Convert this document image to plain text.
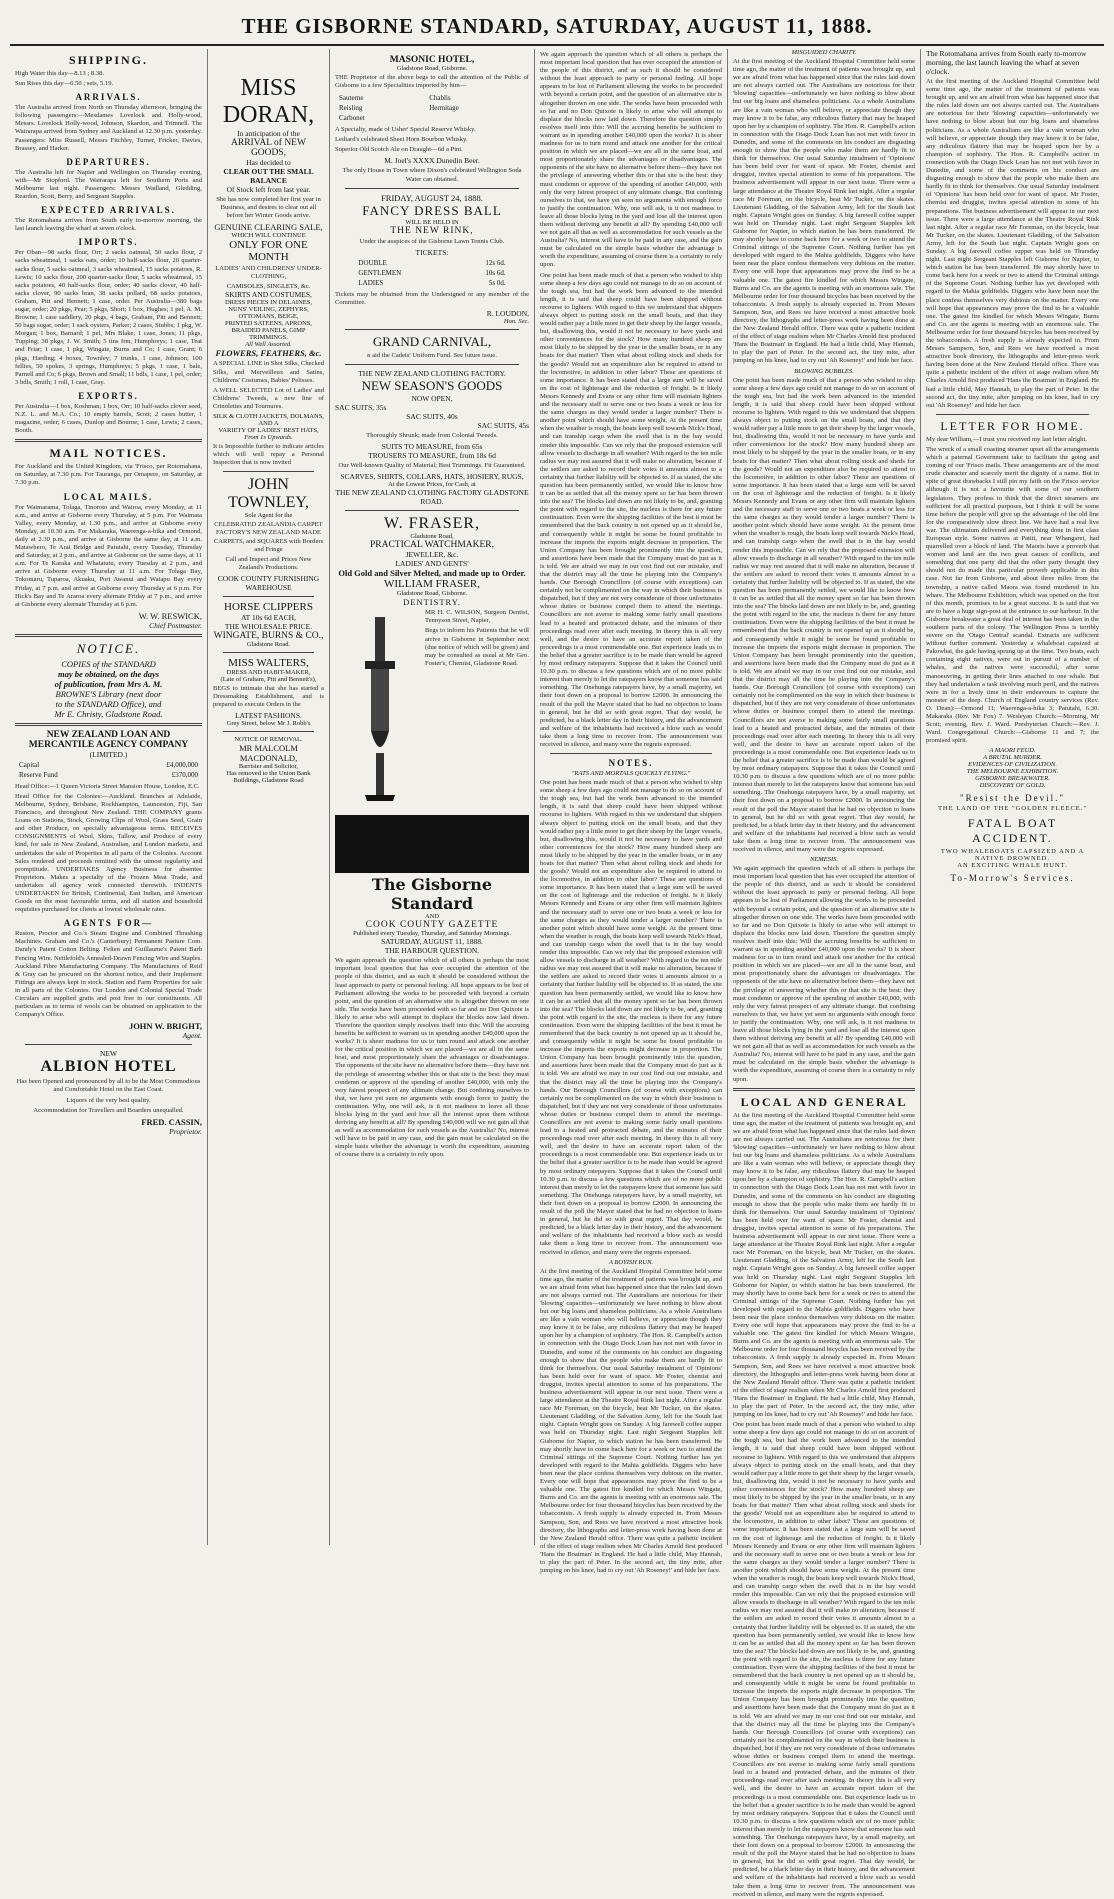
THE GISBORNE STANDARD, SATURDAY, AUGUST 11, 1888.
SHIPPING.
High Water this day—8.13 ; 8.38.
Sun Rises this day—6.50 ; sets, 5.19.
ARRIVALS.
The Australia arrived from North on Thursday afternoon, bringing the following passengers:—Mesdames Lovelock and Holly-wood, Messrs. Lovelock Holly-wood, Johnson, Skardon, and Trimnell. The Wairarapa arrived from Sydney and Auckland at 12.30 p.m. yesterday. Passengers: Miss Russell, Messrs Fitchley, Turner, Fricker, Davies, Brassey, and Harker.
DEPARTURES.
The Australia left for Napier and Wellington on Thursday evening, with—Mr Stopford. The Wairarapa left for Southern Ports and Melbourne last night. Passengers: Messrs Wadland, Gledding, Reardon, Scott, Berry, and Sergeant Stapples.
EXPECTED ARRIVALS.
The Rotomahana arrives from South early to-morrow morning, the last launch leaving the wharf at seven o'clock.
IMPORTS.
Per Oban—98 sacks flour, Orr; 2 sacks oatmeal, 50 sacks flour, 2 sacks wheatmeal, 1 sacks oats, order; 10 half-sacks flour, 20 quarter-sacks flour, 5 sacks oatmeal, 3 sacks wheatmeal, 15 sacks potatoes, R. Lewis; 10 sacks flour, 200 quarter-sacks flour, 5 sacks wheatmeal, 15 sacks potatoes, 40 half-sacks flour, order; 40 sacks clover, 40 half-sacks clover, 90 sacks bran, 38 sacks pollard, 68 sacks potatoes, Graham, Pitt and Bennett; 1 case, order. Per Australia—380 bags sugar, order; 20 pkgs, Pear; 5 pkgs, Short; 1 box, Hughes; 1 pel, A. M. Browne; 1 case saddlery, 20 pkgs, 4 bags, Graham, Pitt and Bennett; 50 bags sugar, order; 1 sack oysters, Parker; 2 cases, Stubbs; 1 pkg, W. Morgan; 1 box, Barnard; 1 pel, Mrs Blake; 1 case, Jones; 11 pkgs, Tupping; 38 pkgs, J. W. Smith; 5 tins frm, Humphreys; 1 case, Teat and Friar; 1 case, 1 pkg, Wingate, Burns and Co; 1 case, Grant; 6 pkgs, Harding; 4 boxes, Townley; 7 trunks, 1 case, Johnson; 100 fellies, 50 spokes, 3 springs, Humphreys; 5 pkgs, 1 case, 1 bale, Parnell and Co; 6 pkgs, Brown and Small; 11 bdls, 1 case, 1 pel, order; 3 bdls, Smith; 1 roll, 1 case, Gray.
EXPORTS.
Per Australia—1 box, Koshman; 1 box, Orr; 10 half-sacks clover seed, N.Z. L. and M.A. Co.; 10 empty barrels, Scott; 2 cases butter, 1 magazine, order; 6 cases, Dunlop and Bourne; 1 case, Lewis; 2 cases, Booth.
MAIL NOTICES.
For Auckland and the United Kingdom, via 'Frisco, per Rotomahana, on Saturday, at 7.30 p.m. For Tauranga, per Omapere, on Saturday, at 7.30 p.m.
LOCAL MAILS.
For Waimarama, Tolaga, Tinoroto and Wairoa, every Monday, at 11 a.m., and arrive at Gisborne every Thursday, at 5 p.m. For Waimata Valley, every Monday, at 1.30 p.m., and arrive at Gisborne every Monday, at 10.30 a.m. For Makaraka, Waerenga-a-hika and Ormond, daily at 2.30 p.m., and arrive at Gisborne the same day, at 11 a.m. Matawhero, Te Arai Bridge and Patutahi, every Tuesday, Thursday and Saturday, at 2 p.m., and arrive at Gisborne on the same days, at 11 a.m. For Te Karaka and Whatatutu, every Tuesday at 2 p.m., and arrive at Gisborne every Thursday at 11 a.m. For Tolaga Bay, Tokomaru, Tuparoa, Akuaku, Port Awanui and Waiapu Bay every Friday, at 7 p.m. and arrive at Gisborne every Thursday at 6 p.m. For Hick's Bay and Te Araroa every alternate Friday at 7 p.m., and arrive at Gisborne every alternate Thursday at 6 p.m.
W. W. RESWICK,
Chief Postmaster.
NOTICE.
COPIES of the STANDARD
may be obtained, on the days
of publication, from Mrs A. M.
BROWNE'S Library (next door
to the STANDARD Office), and
Mr E. Christy, Gladstone Road.
NEW ZEALAND LOAN AND MERCANTILE AGENCY COMPANY
(LIMITED.)
Capital	£4,000,000
Reserve Fund	£370,000
Head Office:—1 Queen Victoria Street Mansion House, London, E.C.
Head Office for the Colonies:—Auckland. Branches at Adelaide, Melbourne, Sydney, Brisbane, Rockhampton, Launceston, Fiji, San Francisco, and throughout New Zealand. THE COMPANY grants Loans on Stations, Stock, Growing Clips of Wool, Grass Seed, Grain and other Produce, on specially advantageous terms. RECEIVES CONSIGNMENTS of Wool, Skins, Tallow, and Produce of every kind, for sale in New Zealand, Australian, and London markets, and undertakes the sale of Properties in all parts of the Colonies. Account Sales rendered and proceeds remitted with the utmost regularity and promptitude. UNDERTAKES Agency Business for absentee Proprietors. Makes a specialty of the Frozen Meat Trade, and undertakes all agency work connected therewith. INDENTS UNDERTAKEN for British, Continental, East Indian, and American Goods on the most favourable terms, and all station and household requisites purchased for clients at lowest wholesale rates.
AGENTS FOR—
Ruston, Proctor and Co.'s Steam Engine and Combined Thrashing Machines. Graham and Co.'s (Canterbury) Permanent Pasture Com. Dandy's Patent Cotton Belting. Felten and Guillaume's Patent Barb Fencing Wire. Nettlefold's Annealed-Drawn Fencing Wire and Staples. Auckland Fibre Manufacturing Company. The Manufactures of Reid & Gray can be procured on the shortest notice, and their Implement Fittings are always kept in stock. Station and Farm Properties for sale in all parts of the Colonies. Our London and Colonial Special Trade Circulars are supplied gratis and post free to our constituents. All particulars as to terms of wools can be obtained on application to the Company's Office.
JOHN W. BRIGHT,
Agent.
NEW
ALBION HOTEL
Has been Opened and pronounced by all to be the Most Commodious and Comfortable Hotel on the East Coast.
Liquors of the very best quality.
Accommodation for Travellers and Boarders unequalled.
FRED. CASSIN,
Proprietor.
MISS DORAN,
In anticipation of the
ARRIVAL of NEW GOODS,
Has decided to
CLEAR OUT THE SMALL BALANCE
Of Stock left from last year.
She has now completed her first year in Business, and desires to clear out all before her Winter Goods arrive.
GENUINE CLEARING SALE,
WHICH WILL CONTINUE
ONLY FOR ONE MONTH
LADIES' AND CHILDRENS' UNDER-CLOTHING,
CAMISOLES, SINGLETS, &c.
SKIRTS AND COSTUMES,
DRESS PIECES IN DELAINES,
NUNS' VEILING, ZEPHYRS,
OTTOMANS, BEIGE,
PRINTED SATEENS, APRONS,
BRAIDED PANELS, GIMP TRIMMINGS.
All Well Assorted.
FLOWERS, FEATHERS, &c.
A SPECIAL LINE in Shot Silks, Checked Silks, and Merveilleux and Satins, Childrens' Costumes, Babies' Pelisses.
A WELL SELECTED Lot of Ladies' and Childrens' Tweeds, a new line of Crinolettes and Tournures.
SILK & CLOTH JACKETS, DOLMANS,
AND A
VARIETY OF LADIES' BEST HATS,
From 1s Upwards.
It is Impossible further to indicate articles which will well repay a Personal Inspection that is now invited
JOHN TOWNLEY,
Sole Agent for the
CELEBRATED ZEALANDIA CARPET FACTORY'S NEW ZEALAND MADE CARPETS, and SQUARES with Borders and Fringe
Call and Inspect and Prices New Zealand's Productions.
COOK COUNTY FURNISHING WAREHOUSE
HORSE CLIPPERS
AT 10s 6d EACH,
THE WHOLESALE PRICE.
WINGATE, BURNS & CO.,
Gladstone Road.
MISS WALTERS,
DRESS AND HABIT-MAKER,
(Late of Graham, Pitt and Bennett's),
BEGS to intimate that she has started a Dressmaking Establishment, and is prepared to execute Orders in the
LATEST FASHIONS.
Grey Street, below Mr J. Robb's
NOTICE OF REMOVAL.
MR MALCOLM MACDONALD,
Barrister and Solicitor,
Has removed to the Union Bank Buildings, Gladstone Road
MASONIC HOTEL,
Gladstone Road, Gisborne.
THE Proprietor of the above begs to call the attention of the Public of Gisborne to a few Specialities imported by him—
Sauterne	Chablis
Reisling	Hermitage
Carbonet	
A Specialty, made of Usher' Special Reserve Whisky.
Lediard's celebrated Sheet Horn Bourbon Whisky.
Superior Old Scotch Ale on Draught—6d a Pint.
M. Joel's XXXX Dunedin Beer.
The only House in Town where Dixon's celebrated Wellington Soda Water can obtained.
FRIDAY, AUGUST 24, 1888.
FANCY DRESS BALL
WILL BE HELD IN
THE NEW RINK,
Under the auspices of the Gisborne Lawn Tennis Club.
TICKETS:
DOUBLE	12s 6d.
GENTLEMEN	10s 6d.
LADIES	5s 0d.
Tickets may be obtained from the Undersigned or any member of the Committee.
R. LOUDON,
Hon. Sec.
GRAND CARNIVAL,
n aid the Cadets' Uniform Fund. See future issue.
THE NEW ZEALAND CLOTHING FACTORY.
NEW SEASON'S GOODS
NOW OPEN,
SAC SUITS, 35s
SAC SUITS, 40s
SAC SUITS, 45s
Thoroughly Shrunk; made from Colonial Tweeds.
SUITS TO MEASURE, from 65s
TROUSERS TO MEASURE, from 18s 6d
Our Well-known Quality of Material; Best Trimmings. Fit Guaranteed.
SCARVES, SHIRTS, COLLARS, HATS, HOSIERY, RUGS,
At the Lowest Prices, for Cash, at
THE NEW ZEALAND CLOTHING FACTORY GLADSTONE ROAD.
W. FRASER,
Gladstone Road,
PRACTICAL WATCHMAKER,
JEWELLER, &c.
LADIES' AND GENTS'
Old Gold and Silver Melted, and made up to Order.
WILLIAM FRASER,
Gladstone Road, Gisborne.
DENTISTRY.
MR H. C. WILSON, Surgeon Dentist, Tennyson Street, Napier,
Begs to inform his Patients that he will arrive in Gisborne in September next (due notice of which will be given) and may be consulted as usual at Mr Geo. Foster's, Chemist, Gladstone Road.
The Gisborne Standard
AND
COOK COUNTY GAZETTE
Published every Tuesday, Thursday, and Saturday Mornings.
SATURDAY, AUGUST 11, 1888.
THE HARBOUR QUESTION.
We again approach the question which of all others is perhaps the most important local question that has ever occupied the attention of the people of this district, and as such it should be considered without the least approach to party or personal feeling. All hope appears to be lost of Parliament allowing the works to be proceeded with beyond a certain point, and the question of an alternative site is altogether thrown on one side. The works have been proceeded with so far and no Don Quixote is likely to arise who will attempt to displace the blocks now laid down. Therefore the question simply resolves itself into this: Will the accruing benefits be sufficient to warrant us in spending another £40,000 upon the works? It is sheer madness for us to turn round and attack one another for the critical position in which we are placed—we are all in the same boat, and most proportionately share the advantages or disadvantages. The opponents of the site have no alternative before them—they have not the privilege of answering whether this or that site is the best: they must condemn or approve of the spending of another £40,000, with only the very fairest prospect of any ultimate change. But confining ourselves to that, we have yet seen no arguments with enough force to justify the continuation. Why, one will ask, is it not madness to leave all those blocks lying in the yard and lose all the interest upon them without deriving any benefit at all? By spending £40,000 will we not gain all that as well as accommodation for such vessels as the Australia? No, interest will have to be paid in any case, and the gain must be calculated on the simple basis whether the advantage is worth the expenditure, assuming of course there is a certainty to rely upon.
We again approach the question which of all others is perhaps the most important local question that has ever occupied the attention of the people of this district, and as such it should be considered without the least approach to party or personal feeling. All hope appears to be lost of Parliament allowing the works to be proceeded with beyond a certain point, and the question of an alternative site is altogether thrown on one side. The works have been proceeded with so far and no Don Quixote is likely to arise who will attempt to displace the blocks now laid down. Therefore the question simply resolves itself into this: Will the accruing benefits be sufficient to warrant us in spending another £40,000 upon the works? It is sheer madness for us to turn round and attack one another for the critical position in which we are placed—we are all in the same boat, and most proportionately share the advantages or disadvantages. The opponents of the site have no alternative before them—they have not the privilege of answering whether this or that site is the best: they must condemn or approve of the spending of another £40,000, with only the very fairest prospect of any ultimate change. But confining ourselves to that, we have yet seen no arguments with enough force to justify the continuation. Why, one will ask, is it not madness to leave all those blocks lying in the yard and lose all the interest upon them without deriving any benefit at all? By spending £40,000 will we not gain all that as well as accommodation for such vessels as the Australia? No, interest will have to be paid in any case, and the gain must be calculated on the simple basis whether the advantage is worth the expenditure, assuming of course there is a certainty to rely upon.
One point has been made much of that a person who wished to ship some sheep a few days ago could not manage to do so on account of the tough sea, but had the work been advanced to the intended length, it is said that sheep could have been shipped without recourse to lighters. With regard to this we understand that shippers always object to putting stock on the small boats, and that they would rather pay a little more to get their sheep by the larger vessels, but, disallowing this, would it not be necessary to have yards and other conveniences for the stock? How many hundred sheep are most likely to be shipped by the year in the smaller boats, or in any boats for that matter? Then what about rolling stock and sheds for the goods? Would not an expenditure also be required to attend to the locomotive, in addition to other labor? These are questions of some importance. It has been stated that a large sum will be saved on the cost of lighterage and the reduction of freight. Is it likely Messrs Kennedy and Evans or any other firm will maintain lighters and the necessary staff to serve one or two boats a week or less for the same charges as they would tender a larger number? There is another point which should have some weight. At the present time when the weather is rough, the boats keep well towards Nick's Head, and can tranship cargo when the swell that is in the bay would render this impossible. Can we rely that the proposed extension will allow vessels to discharge in all weather? With regard to the ten mile radius we may rest assured that it will make no alteration, because if the settlers are asked to record their votes it amounts almost to a certainty that further liability will be objected to. If as stated, the site question has been permanently settled, we would like to know how it can be as settled that all the money spent so far has been thrown into the sea? The blocks laid down are not likely to be, and, granting the point with regard to the site, the nucleus is there for any future continuation. Even were the shipping facilities of the best it must be remembered that the back country is not opened up as it should be, and consequently while it might be some be found profitable to increase the imports the exports might decrease in proportion. The Union Company has been brought prominently into the question, and assertions have been made that the Company must do just as it is told. We are afraid we may in our cost find out our mistake, and that the district may all the time be playing into the Company's hands. Our Borough Councillors (of course with exceptions) can certainly not be complimented on the way in which their business is dispatched, but if they are not very considerate of those unfortunates whose duties or business compel them to attend the meetings. Councillors are not averse to making some fairly small questions lead to a heated and protracted debate, and the minutes of their proceedings read over after each meeting. In theory this is all very well, and the desire to have an accurate report taken of the proceedings is a most commendable one. But experience leads us to the belief that a greater sacrifice is to be made than would be agreed by most ordinary ratepayers. Suppose that it takes the Council until 10.30 p.m. to discuss a few questions which are of no more public interest than merely to let the ratepayers know that someone has said something. The Onehunga ratepayers have, by a small majority, set their foot down on a proposal to borrow £2000. In announcing the result of the poll the Mayor stated that he had no objection to loans in general, but he did so with great regret. That day would, he predicted, be a black letter day in their history, and the advancement and welfare of the inhabitants had received a blow such as would take them a long time to recover from. The announcement was received in silence, and many were the regrets expressed.
NOTES.
"RATS AND MORTALS QUICKLY FLYING."
One point has been made much of that a person who wished to ship some sheep a few days ago could not manage to do so on account of the tough sea, but had the work been advanced to the intended length, it is said that sheep could have been shipped without recourse to lighters. With regard to this we understand that shippers always object to putting stock on the small boats, and that they would rather pay a little more to get their sheep by the larger vessels, but, disallowing this, would it not be necessary to have yards and other conveniences for the stock? How many hundred sheep are most likely to be shipped by the year in the smaller boats, or in any boats for that matter? Then what about rolling stock and sheds for the goods? Would not an expenditure also be required to attend to the locomotive, in addition to other labor? These are questions of some importance. It has been stated that a large sum will be saved on the cost of lighterage and the reduction of freight. Is it likely Messrs Kennedy and Evans or any other firm will maintain lighters and the necessary staff to serve one or two boats a week or less for the same charges as they would tender a larger number? There is another point which should have some weight. At the present time when the weather is rough, the boats keep well towards Nick's Head, and can tranship cargo when the swell that is in the bay would render this impossible. Can we rely that the proposed extension will allow vessels to discharge in all weather? With regard to the ten mile radius we may rest assured that it will make no alteration, because if the settlers are asked to record their votes it amounts almost to a certainty that further liability will be objected to. If as stated, the site question has been permanently settled, we would like to know how it can be as settled that all the money spent so far has been thrown into the sea? The blocks laid down are not likely to be, and, granting the point with regard to the site, the nucleus is there for any future continuation. Even were the shipping facilities of the best it must be remembered that the back country is not opened up as it should be, and consequently while it might be some be found profitable to increase the imports the exports might decrease in proportion. The Union Company has been brought prominently into the question, and assertions have been made that the Company must do just as it is told. We are afraid we may in our cost find out our mistake, and that the district may all the time be playing into the Company's hands. Our Borough Councillors (of course with exceptions) can certainly not be complimented on the way in which their business is dispatched, but if they are not very considerate of those unfortunates whose duties or business compel them to attend the meetings. Councillors are not averse to making some fairly small questions lead to a heated and protracted debate, and the minutes of their proceedings read over after each meeting. In theory this is all very well, and the desire to have an accurate report taken of the proceedings is a most commendable one. But experience leads us to the belief that a greater sacrifice is to be made than would be agreed by most ordinary ratepayers. Suppose that it takes the Council until 10.30 p.m. to discuss a few questions which are of no more public interest than merely to let the ratepayers know that someone has said something. The Onehunga ratepayers have, by a small majority, set their foot down on a proposal to borrow £2000. In announcing the result of the poll the Mayor stated that he had no objection to loans in general, but he did so with great regret. That day would, he predicted, be a black letter day in their history, and the advancement and welfare of the inhabitants had received a blow such as would take them a long time to recover from. The announcement was received in silence, and many were the regrets expressed.
A BOYISH RUN.
At the first meeting of the Auckland Hospital Committee held some time ago, the matter of the treatment of patients was brought up, and we are afraid from what has happened since that the rules laid down are not always carried out. The Australians are notorious for their 'blowing' capacities—unfortunately we have nothing to blow about but our big loans and shameless politicians. As a whole Australians are like a vain woman who will believe, or appreciate though they may know it to be false, any ridiculous flattery that may be heaped upon her by a champion of sophistry. The Hon. R. Campbell's action in connection with the Otago Dock Loan has not met with favor in Dunedin, and some of the comments on his conduct are disgusting enough to show that the people who make them are hardly fit to think for themselves. Our usual Saturday instalment of 'Opinions' has been held over for want of space. Mr Foster, chemist and druggist, invites special attention to some of his preparations. The business advertisement will appear in our next issue. There were a large attendance at the Theatre Royal Rink last night. After a regular race Mr Foreman, on the bicycle, beat Mr Tucker, on the skates. Lieutenant Gladding, of the Salvation Army, left for the South last night. Captain Wright goes on Sunday. A big farewell coffee supper was held on Thursday night. Last night Sergeant Stapples left Gisborne for Napier, to which station he has been transferred. He may shortly have to come back here for a week or two to attend the Criminal sittings of the Supreme Court. Nothing further has yet developed with regard to the Mahia goldfields. Diggers who have been near the place confess themselves very dubious on the matter. Every one will hope that appearances may prove the find to be a valuable one. The gatest fire kindled for which Messrs Wingate, Burns and Co. are the agents is meeting with an enormous sale. The Melbourne order for four thousand bicycles has been received by the tobacconists. A fresh supply is already expected in. From Messrs Sampson, Son, and Rees we have received a most attractive book directory, the lithographs and letter-press work having been done at the New Zealand Herald office. There was quite a pathetic incident of the effect of stage realism when Mr Charles Arnold first produced 'Hans the Boatman' in England. He had a little child, May Hannah, to play the part of Peter. In the second act, the tiny mite, after jumping on his knee, had to cry out 'Ah Roseney!' and hide her face.
MISGUIDED CHARITY.
At the first meeting of the Auckland Hospital Committee held some time ago, the matter of the treatment of patients was brought up, and we are afraid from what has happened since that the rules laid down are not always carried out. The Australians are notorious for their 'blowing' capacities—unfortunately we have nothing to blow about but our big loans and shameless politicians. As a whole Australians are like a vain woman who will believe, or appreciate though they may know it to be false, any ridiculous flattery that may be heaped upon her by a champion of sophistry. The Hon. R. Campbell's action in connection with the Otago Dock Loan has not met with favor in Dunedin, and some of the comments on his conduct are disgusting enough to show that the people who make them are hardly fit to think for themselves. Our usual Saturday instalment of 'Opinions' has been held over for want of space. Mr Foster, chemist and druggist, invites special attention to some of his preparations. The business advertisement will appear in our next issue. There were a large attendance at the Theatre Royal Rink last night. After a regular race Mr Foreman, on the bicycle, beat Mr Tucker, on the skates. Lieutenant Gladding, of the Salvation Army, left for the South last night. Captain Wright goes on Sunday. A big farewell coffee supper was held on Thursday night. Last night Sergeant Stapples left Gisborne for Napier, to which station he has been transferred. He may shortly have to come back here for a week or two to attend the Criminal sittings of the Supreme Court. Nothing further has yet developed with regard to the Mahia goldfields. Diggers who have been near the place confess themselves very dubious on the matter. Every one will hope that appearances may prove the find to be a valuable one. The gatest fire kindled for which Messrs Wingate, Burns and Co. are the agents is meeting with an enormous sale. The Melbourne order for four thousand bicycles has been received by the tobacconists. A fresh supply is already expected in. From Messrs Sampson, Son, and Rees we have received a most attractive book directory, the lithographs and letter-press work having been done at the New Zealand Herald office. There was quite a pathetic incident of the effect of stage realism when Mr Charles Arnold first produced 'Hans the Boatman' in England. He had a little child, May Hannah, to play the part of Peter. In the second act, the tiny mite, after jumping on his knee, had to cry out 'Ah Roseney!' and hide her face.
BLOWING BUBBLES.
One point has been made much of that a person who wished to ship some sheep a few days ago could not manage to do so on account of the tough sea, but had the work been advanced to the intended length, it is said that sheep could have been shipped without recourse to lighters. With regard to this we understand that shippers always object to putting stock on the small boats, and that they would rather pay a little more to get their sheep by the larger vessels, but, disallowing this, would it not be necessary to have yards and other conveniences for the stock? How many hundred sheep are most likely to be shipped by the year in the smaller boats, or in any boats for that matter? Then what about rolling stock and sheds for the goods? Would not an expenditure also be required to attend to the locomotive, in addition to other labor? These are questions of some importance. It has been stated that a large sum will be saved on the cost of lighterage and the reduction of freight. Is it likely Messrs Kennedy and Evans or any other firm will maintain lighters and the necessary staff to serve one or two boats a week or less for the same charges as they would tender a larger number? There is another point which should have some weight. At the present time when the weather is rough, the boats keep well towards Nick's Head, and can tranship cargo when the swell that is in the bay would render this impossible. Can we rely that the proposed extension will allow vessels to discharge in all weather? With regard to the ten mile radius we may rest assured that it will make no alteration, because if the settlers are asked to record their votes it amounts almost to a certainty that further liability will be objected to. If as stated, the site question has been permanently settled, we would like to know how it can be as settled that all the money spent so far has been thrown into the sea? The blocks laid down are not likely to be, and, granting the point with regard to the site, the nucleus is there for any future continuation. Even were the shipping facilities of the best it must be remembered that the back country is not opened up as it should be, and consequently while it might be some be found profitable to increase the imports the exports might decrease in proportion. The Union Company has been brought prominently into the question, and assertions have been made that the Company must do just as it is told. We are afraid we may in our cost find out our mistake, and that the district may all the time be playing into the Company's hands. Our Borough Councillors (of course with exceptions) can certainly not be complimented on the way in which their business is dispatched, but if they are not very considerate of those unfortunates whose duties or business compel them to attend the meetings. Councillors are not averse to making some fairly small questions lead to a heated and protracted debate, and the minutes of their proceedings read over after each meeting. In theory this is all very well, and the desire to have an accurate report taken of the proceedings is a most commendable one. But experience leads us to the belief that a greater sacrifice is to be made than would be agreed by most ordinary ratepayers. Suppose that it takes the Council until 10.30 p.m. to discuss a few questions which are of no more public interest than merely to let the ratepayers know that someone has said something. The Onehunga ratepayers have, by a small majority, set their foot down on a proposal to borrow £2000. In announcing the result of the poll the Mayor stated that he had no objection to loans in general, but he did so with great regret. That day would, he predicted, be a black letter day in their history, and the advancement and welfare of the inhabitants had received a blow such as would take them a long time to recover from. The announcement was received in silence, and many were the regrets expressed.
NEMESIS.
We again approach the question which of all others is perhaps the most important local question that has ever occupied the attention of the people of this district, and as such it should be considered without the least approach to party or personal feeling. All hope appears to be lost of Parliament allowing the works to be proceeded with beyond a certain point, and the question of an alternative site is altogether thrown on one side. The works have been proceeded with so far and no Don Quixote is likely to arise who will attempt to displace the blocks now laid down. Therefore the question simply resolves itself into this: Will the accruing benefits be sufficient to warrant us in spending another £40,000 upon the works? It is sheer madness for us to turn round and attack one another for the critical position in which we are placed—we are all in the same boat, and most proportionately share the advantages or disadvantages. The opponents of the site have no alternative before them—they have not the privilege of answering whether this or that site is the best: they must condemn or approve of the spending of another £40,000, with only the very fairest prospect of any ultimate change. But confining ourselves to that, we have yet seen no arguments with enough force to justify the continuation. Why, one will ask, is it not madness to leave all those blocks lying in the yard and lose all the interest upon them without deriving any benefit at all? By spending £40,000 will we not gain all that as well as accommodation for such vessels as the Australia? No, interest will have to be paid in any case, and the gain must be calculated on the simple basis whether the advantage is worth the expenditure, assuming of course there is a certainty to rely upon.
LOCAL AND GENERAL
At the first meeting of the Auckland Hospital Committee held some time ago, the matter of the treatment of patients was brought up, and we are afraid from what has happened since that the rules laid down are not always carried out. The Australians are notorious for their 'blowing' capacities—unfortunately we have nothing to blow about but our big loans and shameless politicians. As a whole Australians are like a vain woman who will believe, or appreciate though they may know it to be false, any ridiculous flattery that may be heaped upon her by a champion of sophistry. The Hon. R. Campbell's action in connection with the Otago Dock Loan has not met with favor in Dunedin, and some of the comments on his conduct are disgusting enough to show that the people who make them are hardly fit to think for themselves. Our usual Saturday instalment of 'Opinions' has been held over for want of space. Mr Foster, chemist and druggist, invites special attention to some of his preparations. The business advertisement will appear in our next issue. There were a large attendance at the Theatre Royal Rink last night. After a regular race Mr Foreman, on the bicycle, beat Mr Tucker, on the skates. Lieutenant Gladding, of the Salvation Army, left for the South last night. Captain Wright goes on Sunday. A big farewell coffee supper was held on Thursday night. Last night Sergeant Stapples left Gisborne for Napier, to which station he has been transferred. He may shortly have to come back here for a week or two to attend the Criminal sittings of the Supreme Court. Nothing further has yet developed with regard to the Mahia goldfields. Diggers who have been near the place confess themselves very dubious on the matter. Every one will hope that appearances may prove the find to be a valuable one. The gatest fire kindled for which Messrs Wingate, Burns and Co. are the agents is meeting with an enormous sale. The Melbourne order for four thousand bicycles has been received by the tobacconists. A fresh supply is already expected in. From Messrs Sampson, Son, and Rees we have received a most attractive book directory, the lithographs and letter-press work having been done at the New Zealand Herald office. There was quite a pathetic incident of the effect of stage realism when Mr Charles Arnold first produced 'Hans the Boatman' in England. He had a little child, May Hannah, to play the part of Peter. In the second act, the tiny mite, after jumping on his knee, had to cry out 'Ah Roseney!' and hide her face.
One point has been made much of that a person who wished to ship some sheep a few days ago could not manage to do so on account of the tough sea, but had the work been advanced to the intended length, it is said that sheep could have been shipped without recourse to lighters. With regard to this we understand that shippers always object to putting stock on the small boats, and that they would rather pay a little more to get their sheep by the larger vessels, but, disallowing this, would it not be necessary to have yards and other conveniences for the stock? How many hundred sheep are most likely to be shipped by the year in the smaller boats, or in any boats for that matter? Then what about rolling stock and sheds for the goods? Would not an expenditure also be required to attend to the locomotive, in addition to other labor? These are questions of some importance. It has been stated that a large sum will be saved on the cost of lighterage and the reduction of freight. Is it likely Messrs Kennedy and Evans or any other firm will maintain lighters and the necessary staff to serve one or two boats a week or less for the same charges as they would tender a larger number? There is another point which should have some weight. At the present time when the weather is rough, the boats keep well towards Nick's Head, and can tranship cargo when the swell that is in the bay would render this impossible. Can we rely that the proposed extension will allow vessels to discharge in all weather? With regard to the ten mile radius we may rest assured that it will make no alteration, because if the settlers are asked to record their votes it amounts almost to a certainty that further liability will be objected to. If as stated, the site question has been permanently settled, we would like to know how it can be as settled that all the money spent so far has been thrown into the sea? The blocks laid down are not likely to be, and, granting the point with regard to the site, the nucleus is there for any future continuation. Even were the shipping facilities of the best it must be remembered that the back country is not opened up as it should be, and consequently while it might be some be found profitable to increase the imports the exports might decrease in proportion. The Union Company has been brought prominently into the question, and assertions have been made that the Company must do just as it is told. We are afraid we may in our cost find out our mistake, and that the district may all the time be playing into the Company's hands. Our Borough Councillors (of course with exceptions) can certainly not be complimented on the way in which their business is dispatched, but if they are not very considerate of those unfortunates whose duties or business compel them to attend the meetings. Councillors are not averse to making some fairly small questions lead to a heated and protracted debate, and the minutes of their proceedings read over after each meeting. In theory this is all very well, and the desire to have an accurate report taken of the proceedings is a most commendable one. But experience leads us to the belief that a greater sacrifice is to be made than would be agreed by most ordinary ratepayers. Suppose that it takes the Council until 10.30 p.m. to discuss a few questions which are of no more public interest than merely to let the ratepayers know that someone has said something. The Onehunga ratepayers have, by a small majority, set their foot down on a proposal to borrow £2000. In announcing the result of the poll the Mayor stated that he had no objection to loans in general, but he did so with great regret. That day would, he predicted, be a black letter day in their history, and the advancement and welfare of the inhabitants had received a blow such as would take them a long time to recover from. The announcement was received in silence, and many were the regrets expressed.
The Rotomahana arrives from South early to-morrow morning, the last launch leaving the wharf at seven o'clock.
At the first meeting of the Auckland Hospital Committee held some time ago, the matter of the treatment of patients was brought up, and we are afraid from what has happened since that the rules laid down are not always carried out. The Australians are notorious for their 'blowing' capacities—unfortunately we have nothing to blow about but our big loans and shameless politicians. As a whole Australians are like a vain woman who will believe, or appreciate though they may know it to be false, any ridiculous flattery that may be heaped upon her by a champion of sophistry. The Hon. R. Campbell's action in connection with the Otago Dock Loan has not met with favor in Dunedin, and some of the comments on his conduct are disgusting enough to show that the people who make them are hardly fit to think for themselves. Our usual Saturday instalment of 'Opinions' has been held over for want of space. Mr Foster, chemist and druggist, invites special attention to some of his preparations. The business advertisement will appear in our next issue. There were a large attendance at the Theatre Royal Rink last night. After a regular race Mr Foreman, on the bicycle, beat Mr Tucker, on the skates. Lieutenant Gladding, of the Salvation Army, left for the South last night. Captain Wright goes on Sunday. A big farewell coffee supper was held on Thursday night. Last night Sergeant Stapples left Gisborne for Napier, to which station he has been transferred. He may shortly have to come back here for a week or two to attend the Criminal sittings of the Supreme Court. Nothing further has yet developed with regard to the Mahia goldfields. Diggers who have been near the place confess themselves very dubious on the matter. Every one will hope that appearances may prove the find to be a valuable one. The gatest fire kindled for which Messrs Wingate, Burns and Co. are the agents is meeting with an enormous sale. The Melbourne order for four thousand bicycles has been received by the tobacconists. A fresh supply is already expected in. From Messrs Sampson, Son, and Rees we have received a most attractive book directory, the lithographs and letter-press work having been done at the New Zealand Herald office. There was quite a pathetic incident of the effect of stage realism when Mr Charles Arnold first produced 'Hans the Boatman' in England. He had a little child, May Hannah, to play the part of Peter. In the second act, the tiny mite, after jumping on his knee, had to cry out 'Ah Roseney!' and hide her face.
LETTER FOR HOME.
My dear William,—I trust you received my last letter alright.
The wreck of a small coasting steamer upset all the arrangements which a paternal Government take to facilitate the going and coming of our 'Frisco mails. These arrangements are of the most crude character and scarcely merit the dignity of a name. But in spite of great drawbacks I still pin my faith on the Frisco service although it is not a favourite with some of our southern legislators. They profess to think that the direct steamers are sufficient for all practical purposes, but I think it will be some time before the people will give up the advantage of the old line for the comparatively slow direct line. We have had a real live war. The ultimatum delivered and everything done in first class European style. Some natives at Patiti, near Whangarei, had quarrelled over a block of land. The Maoris have a proverb that women and land are the two great causes of conflicts, and something that one party did that the other party thought they should not do made this particular proverb applicable in this case. Not far from Gisborne, and about three miles from the township, a native called Maora was found murdered in his whare. The Melbourne Exhibition, which was opened on the first of this month, promises to be a great success. It is said that we are to have a huge sign-post at the entrance to our harbour. In the Gisborne breakwater a great deal of interest has been taken in the southern parts of the colony. The Wellington Press is terribly severe on the 'Otago Central' scandal. Extracts are sufficient without further comment. Yesterday a whaleboat capsized at Pakowhai, the gale having sprung up at the time. Two boats, each containing eight natives, were out in pursuit of a number of whales, and the natives were successful, after some manoeuvring, in getting their lines attached to one whale. But they had undertaken a task involving much peril, and the natives were in for a lively time in their endeavours to capture the monster of the deep. Church of England country services (Rev. O. Dean):—Ormond 11; Waerenga-a-hika 3; Patutahi, 6.30. Makaraka (Rev. Mr Fox) 7. Wesleyan Church:—Morning, Mr Scott; evening, Rev. J. Ward. Presbyterian Church:—Rev. J. Ward. Congregational Church:—Gisborne 11 and 7; the promised spirit.
A MAORI FEUD.
A BRUTAL MURDER.
EVIDENCES OF CIVILIZATION.
THE MELBOURNE EXHIBITION.
GISBORNE BREAKWATER.
DISCOVERY OF GOLD.
"Resist the Devil."
THE LAND OF THE "GOLDEN FLEECE."
FATAL BOAT ACCIDENT.
TWO WHALEBOATS CAPSIZED AND A NATIVE DROWNED.
AN EXCITING WHALE HUNT.
To-Morrow's Services.
